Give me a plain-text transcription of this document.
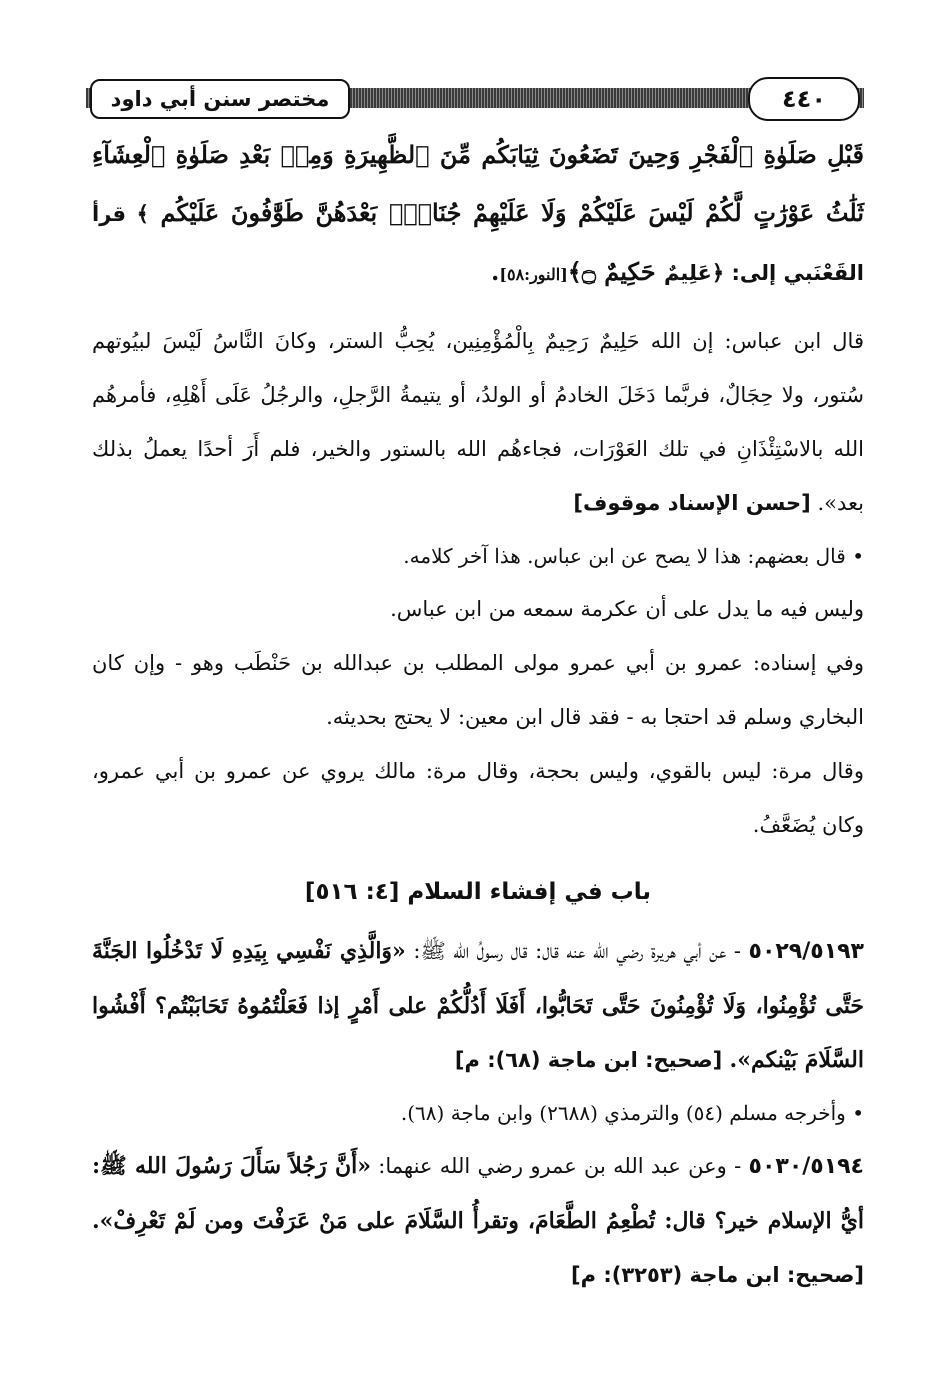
مختصر سنن أبي داود	٤٤٠

قَبْلِ صَلَوٰةِ ٱلْفَجْرِ وَحِينَ تَضَعُونَ ثِيَابَكُم مِّنَ ٱلظَّهِيرَةِ وَمِنۢ بَعْدِ صَلَوٰةِ ٱلْعِشَآءِ ثَلَٰثُ عَوْرَٰتٍ لَّكُمْ لَيْسَ عَلَيْكُمْ وَلَا عَلَيْهِمْ جُنَاحٌۢ بَعْدَهُنَّ طَوَّٰفُونَ عَلَيْكُم ﴾ قرأ القَعْنَبي إلى: ﴿عَلِيمٌ حَكِيمٌ ۝﴾[النور:٥٨].

قال ابن عباس: إن الله حَلِيمٌ رَحِيمٌ بِالْمُؤْمِنِين، يُحِبُّ الستر، وكانَ النَّاسُ لَيْسَ لبيُوتهم سُتور، ولا حِجَالٌ، فربَّما دَخَلَ الخادمُ أو الولدُ، أو يتيمةُ الرَّجلِ، والرجُلُ عَلَى أَهْلِهِ، فأمرهُم الله بالاسْتِئْذَانِ في تلك العَوْرَات، فجاءهُم الله بالستور والخير، فلم أَرَ أحدًا يعملُ بذلك بعد». [حسن الإسناد موقوف]

• قال بعضهم: هذا لا يصح عن ابن عباس. هذا آخر كلامه.

وليس فيه ما يدل على أن عكرمة سمعه من ابن عباس.

وفي إسناده: عمرو بن أبي عمرو مولى المطلب بن عبدالله بن حَنْطَب وهو - وإن كان البخاري وسلم قد احتجا به - فقد قال ابن معين: لا يحتج بحديثه.

وقال مرة: ليس بالقوي، وليس بحجة، وقال مرة: مالك يروي عن عمرو بن أبي عمرو، وكان يُضَعَّفُ.

باب في إفشاء السلام [٤: ٥١٦]

٥٠٢٩/٥١٩٣ - عن أبي هريرة رضي الله عنه قال: قال رسولُ الله ﷺ: «وَالَّذِي نَفْسِي بِيَدِهِ لَا تَدْخُلُوا الجَنَّةَ حَتَّى تُؤْمِنُوا، وَلَا تُؤْمِنُونَ حَتَّى تَحَابُّوا، أَفَلَا أَدُلُّكُمْ على أَمْرٍ إذا فَعَلْتُمُوهُ تَحَابَبْتُم؟ أَفْشُوا السَّلَامَ بَيْنكم». [صحيح: ابن ماجة (٦٨): م]

• وأخرجه مسلم (٥٤) والترمذي (٢٦٨٨) وابن ماجة (٦٨).

٥٠٣٠/٥١٩٤ - وعن عبد الله بن عمرو رضي الله عنهما: «أَنَّ رَجُلاً سَأَلَ رَسُولَ الله ﷺ: أيُّ الإسلام خير؟ قال: تُطْعِمُ الطَّعَامَ، وتقرأُ السَّلَامَ على مَنْ عَرَفْتَ ومن لَمْ تَعْرِفْ». [صحيح: ابن ماجة (٣٢٥٣): م]
